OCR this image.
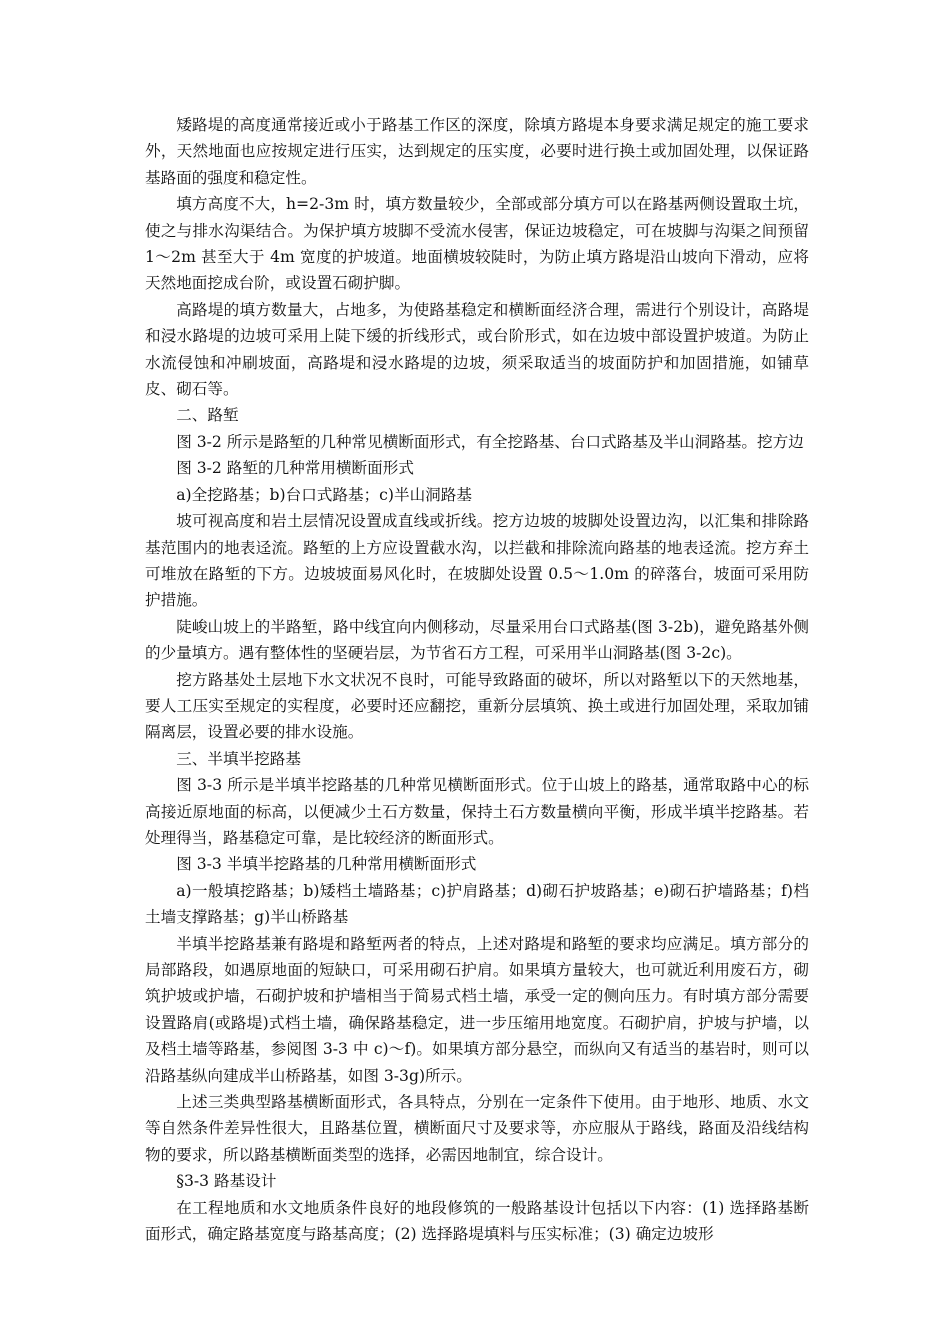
矮路堤的高度通常接近或小于路基工作区的深度，除填方路堤本身要求满足规定的施工要求外，天然地面也应按规定进行压实，达到规定的压实度，必要时进行换土或加固处理，以保证路基路面的强度和稳定性。

填方高度不大，h=2-3m 时，填方数量较少，全部或部分填方可以在路基两侧设置取土坑，使之与排水沟渠结合。为保护填方坡脚不受流水侵害，保证边坡稳定，可在坡脚与沟渠之间预留 1～2m 甚至大于 4m 宽度的护坡道。地面横坡较陡时，为防止填方路堤沿山坡向下滑动，应将天然地面挖成台阶，或设置石砌护脚。

高路堤的填方数量大，占地多，为使路基稳定和横断面经济合理，需进行个别设计，高路堤和浸水路堤的边坡可采用上陡下缓的折线形式，或台阶形式，如在边坡中部设置护坡道。为防止水流侵蚀和冲刷坡面，高路堤和浸水路堤的边坡，须采取适当的坡面防护和加固措施，如铺草皮、砌石等。

二、路堑

图 3-2 所示是路堑的几种常见横断面形式，有全挖路基、台口式路基及半山洞路基。挖方边

图 3-2 路堑的几种常用横断面形式

a)全挖路基；b)台口式路基；c)半山洞路基

坡可视高度和岩土层情况设置成直线或折线。挖方边坡的坡脚处设置边沟，以汇集和排除路基范围内的地表迳流。路堑的上方应设置截水沟，以拦截和排除流向路基的地表迳流。挖方弃土可堆放在路堑的下方。边坡坡面易风化时，在坡脚处设置 0.5～1.0m 的碎落台，坡面可采用防护措施。

陡峻山坡上的半路堑，路中线宜向内侧移动，尽量采用台口式路基(图 3-2b)，避免路基外侧的少量填方。遇有整体性的坚硬岩层，为节省石方工程，可采用半山洞路基(图 3-2c)。

挖方路基处土层地下水文状况不良时，可能导致路面的破坏，所以对路堑以下的天然地基，要人工压实至规定的实程度，必要时还应翻挖，重新分层填筑、换土或进行加固处理，采取加铺隔离层，设置必要的排水设施。

三、半填半挖路基

图 3-3 所示是半填半挖路基的几种常见横断面形式。位于山坡上的路基，通常取路中心的标高接近原地面的标高，以便减少土石方数量，保持土石方数量横向平衡，形成半填半挖路基。若处理得当，路基稳定可靠，是比较经济的断面形式。

图 3-3 半填半挖路基的几种常用横断面形式

a)一般填挖路基；b)矮档土墙路基；c)护肩路基；d)砌石护坡路基；e)砌石护墙路基；f)档土墙支撑路基；g)半山桥路基

半填半挖路基兼有路堤和路堑两者的特点，上述对路堤和路堑的要求均应满足。填方部分的局部路段，如遇原地面的短缺口，可采用砌石护肩。如果填方量较大，也可就近利用废石方，砌筑护坡或护墙，石砌护坡和护墙相当于简易式档土墙，承受一定的侧向压力。有时填方部分需要设置路肩(或路堤)式档土墙，确保路基稳定，进一步压缩用地宽度。石砌护肩，护坡与护墙，以及档土墙等路基，参阅图 3-3 中 c)～f)。如果填方部分悬空，而纵向又有适当的基岩时，则可以沿路基纵向建成半山桥路基，如图 3-3g)所示。

上述三类典型路基横断面形式，各具特点，分别在一定条件下使用。由于地形、地质、水文等自然条件差异性很大，且路基位置，横断面尺寸及要求等，亦应服从于路线，路面及沿线结构物的要求，所以路基横断面类型的选择，必需因地制宜，综合设计。

§3-3 路基设计

在工程地质和水文地质条件良好的地段修筑的一般路基设计包括以下内容：(1) 选择路基断面形式，确定路基宽度与路基高度；(2) 选择路堤填料与压实标准；(3) 确定边坡形
